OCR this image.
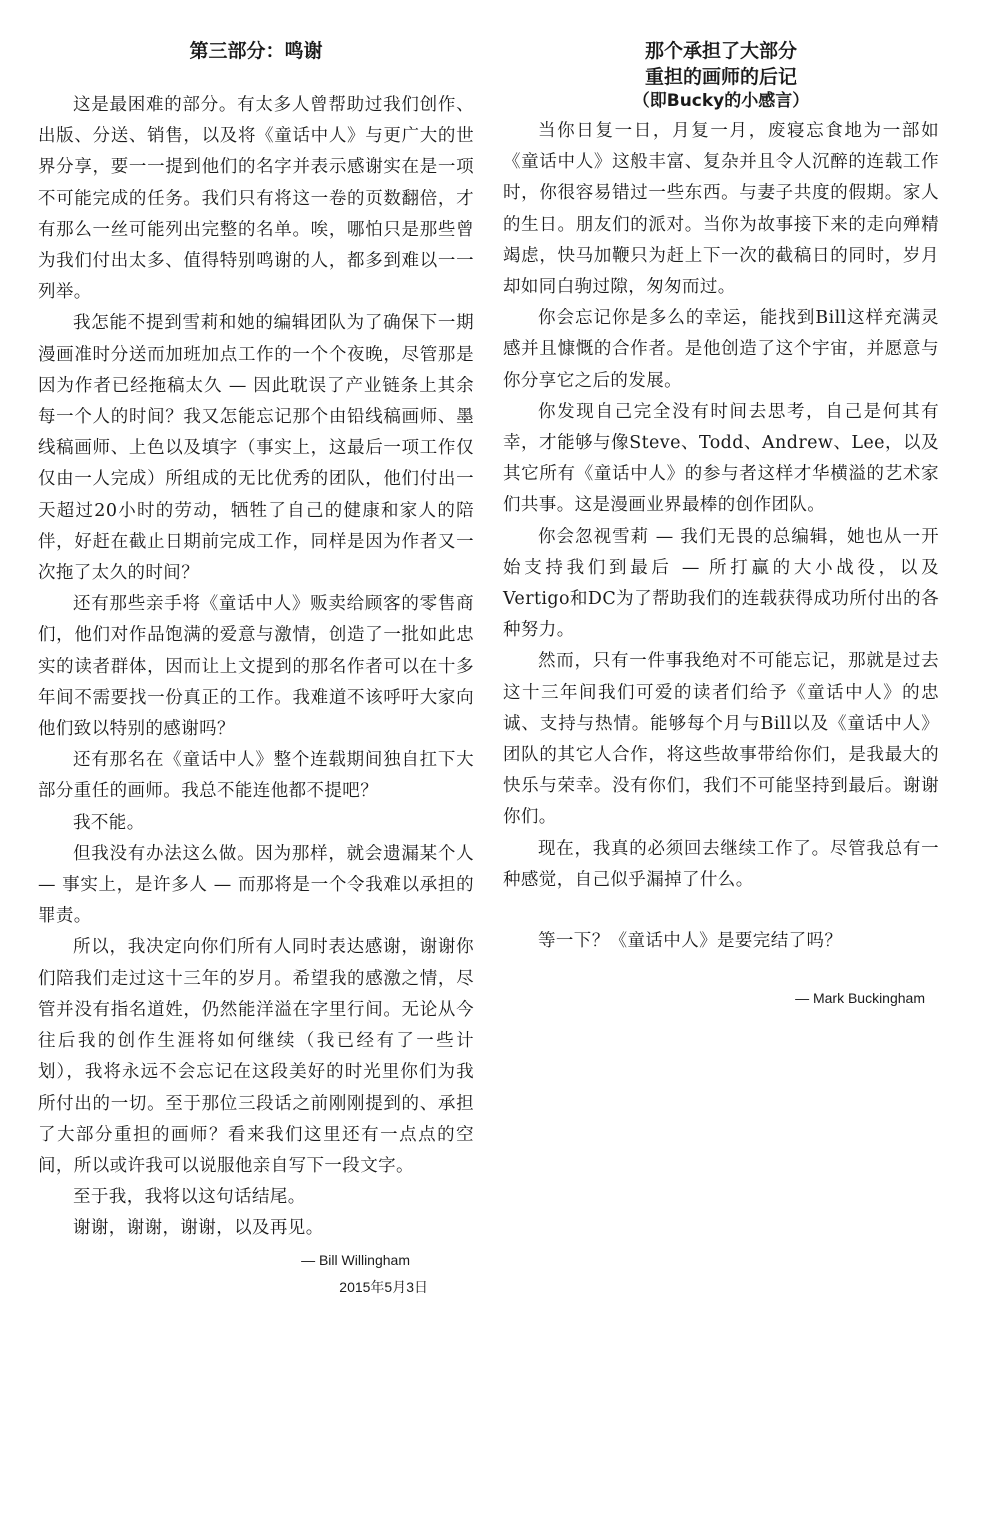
第三部分：鸣谢

这是最困难的部分。有太多人曾帮助过我们创作、出版、分送、销售，以及将《童话中人》与更广大的世界分享，要一一提到他们的名字并表示感谢实在是一项不可能完成的任务。我们只有将这一卷的页数翻倍，才有那么一丝可能列出完整的名单。唉，哪怕只是那些曾为我们付出太多、值得特别鸣谢的人，都多到难以一一列举。

我怎能不提到雪莉和她的编辑团队为了确保下一期漫画准时分送而加班加点工作的一个个夜晚，尽管那是因为作者已经拖稿太久 — 因此耽误了产业链条上其余每一个人的时间？我又怎能忘记那个由铅线稿画师、墨线稿画师、上色以及填字（事实上，这最后一项工作仅仅由一人完成）所组成的无比优秀的团队，他们付出一天超过20小时的劳动，牺牲了自己的健康和家人的陪伴，好赶在截止日期前完成工作，同样是因为作者又一次拖了太久的时间？

还有那些亲手将《童话中人》贩卖给顾客的零售商们，他们对作品饱满的爱意与激情，创造了一批如此忠实的读者群体，因而让上文提到的那名作者可以在十多年间不需要找一份真正的工作。我难道不该呼吁大家向他们致以特别的感谢吗？

还有那名在《童话中人》整个连载期间独自扛下大部分重任的画师。我总不能连他都不提吧？

我不能。

但我没有办法这么做。因为那样，就会遗漏某个人 — 事实上，是许多人 — 而那将是一个令我难以承担的罪责。

所以，我决定向你们所有人同时表达感谢，谢谢你们陪我们走过这十三年的岁月。希望我的感激之情，尽管并没有指名道姓，仍然能洋溢在字里行间。无论从今往后我的创作生涯将如何继续（我已经有了一些计划），我将永远不会忘记在这段美好的时光里你们为我所付出的一切。至于那位三段话之前刚刚提到的、承担了大部分重担的画师？看来我们这里还有一点点的空间，所以或许我可以说服他亲自写下一段文字。

至于我，我将以这句话结尾。

谢谢，谢谢，谢谢，以及再见。

— Bill Willingham

2015年5月3日

那个承担了大部分
重担的画师的后记
（即Bucky的小感言）

当你日复一日，月复一月，废寝忘食地为一部如《童话中人》这般丰富、复杂并且令人沉醉的连载工作时，你很容易错过一些东西。与妻子共度的假期。家人的生日。朋友们的派对。当你为故事接下来的走向殚精竭虑，快马加鞭只为赶上下一次的截稿日的同时，岁月却如同白驹过隙，匆匆而过。

你会忘记你是多么的幸运，能找到Bill这样充满灵感并且慷慨的合作者。是他创造了这个宇宙，并愿意与你分享它之后的发展。

你发现自己完全没有时间去思考，自己是何其有幸，才能够与像Steve、Todd、Andrew、Lee，以及其它所有《童话中人》的参与者这样才华横溢的艺术家们共事。这是漫画业界最棒的创作团队。

你会忽视雪莉 — 我们无畏的总编辑，她也从一开始支持我们到最后 — 所打赢的大小战役，以及Vertigo和DC为了帮助我们的连载获得成功所付出的各种努力。

然而，只有一件事我绝对不可能忘记，那就是过去这十三年间我们可爱的读者们给予《童话中人》的忠诚、支持与热情。能够每个月与Bill以及《童话中人》团队的其它人合作，将这些故事带给你们，是我最大的快乐与荣幸。没有你们，我们不可能坚持到最后。谢谢你们。

现在，我真的必须回去继续工作了。尽管我总有一种感觉，自己似乎漏掉了什么。

等一下？《童话中人》是要完结了吗？

— Mark Buckingham
